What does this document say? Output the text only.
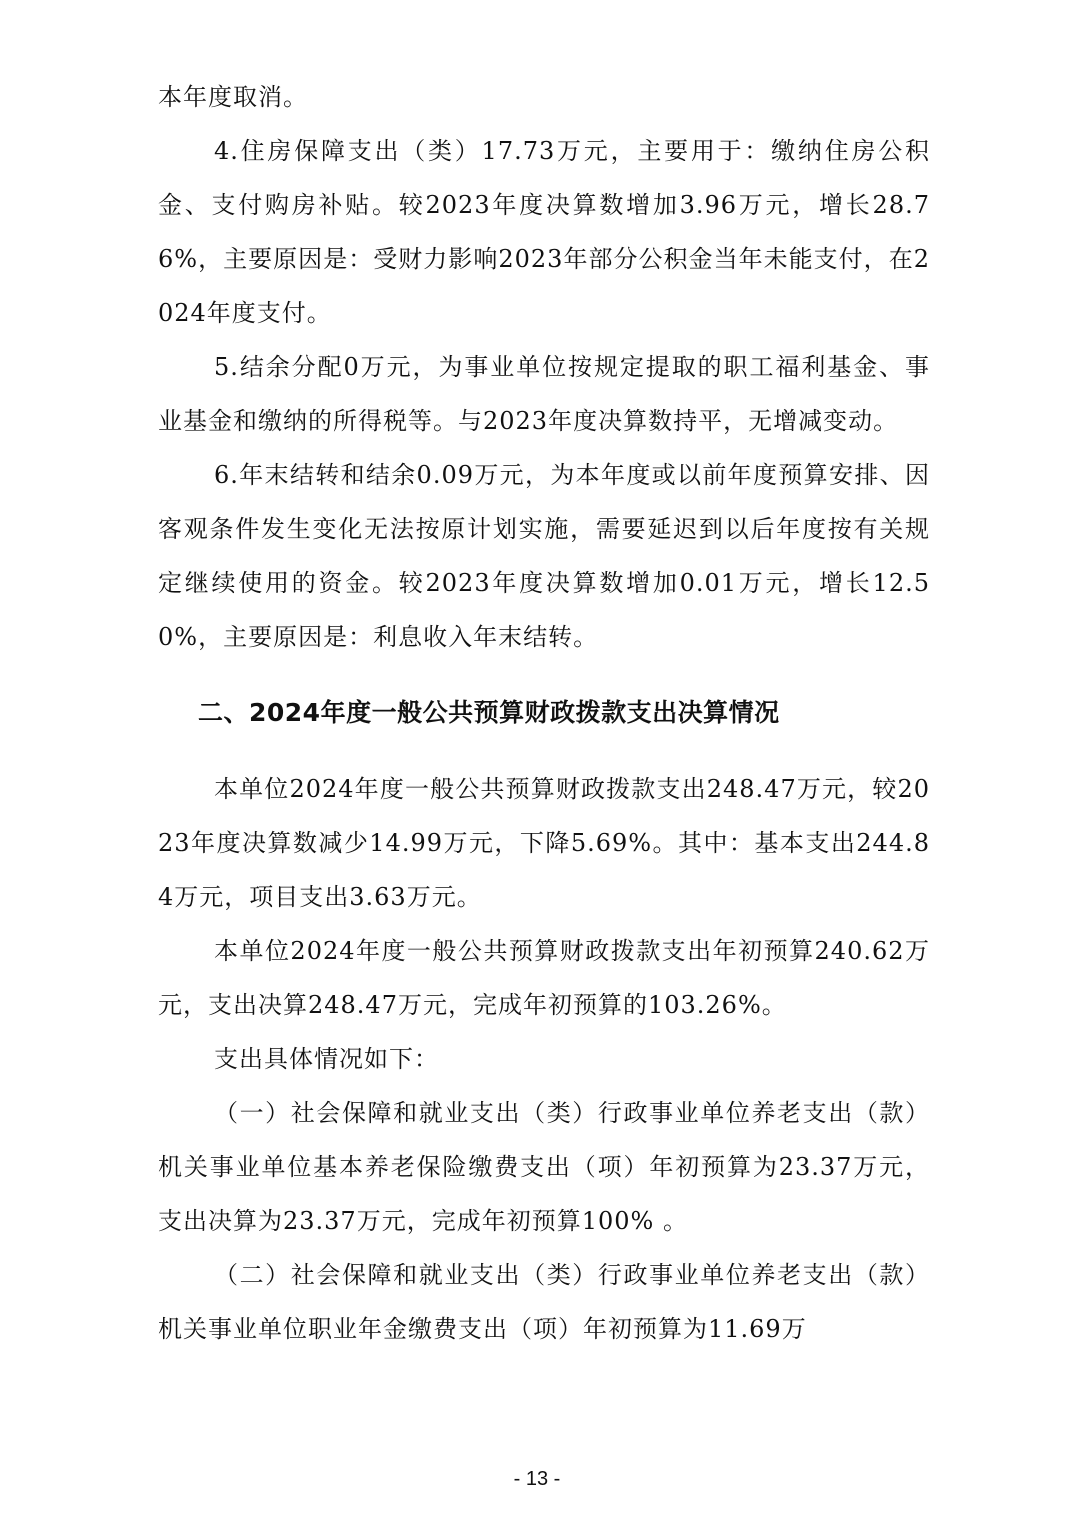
本年度取消。

4.住房保障支出（类）17.73万元，主要用于：缴纳住房公积金、支付购房补贴。较2023年度决算数增加3.96万元，增长28.76%，主要原因是：受财力影响2023年部分公积金当年未能支付，在2024年度支付。

5.结余分配0万元，为事业单位按规定提取的职工福利基金、事业基金和缴纳的所得税等。与2023年度决算数持平，无增减变动。

6.年末结转和结余0.09万元，为本年度或以前年度预算安排、因客观条件发生变化无法按原计划实施，需要延迟到以后年度按有关规定继续使用的资金。较2023年度决算数增加0.01万元，增长12.50%，主要原因是：利息收入年末结转。

二、2024年度一般公共预算财政拨款支出决算情况

本单位2024年度一般公共预算财政拨款支出248.47万元，较2023年度决算数减少14.99万元，下降5.69%。其中：基本支出244.84万元，项目支出3.63万元。

本单位2024年度一般公共预算财政拨款支出年初预算240.62万元，支出决算248.47万元，完成年初预算的103.26%。

支出具体情况如下：

（一）社会保障和就业支出（类）行政事业单位养老支出（款）机关事业单位基本养老保险缴费支出（项）年初预算为23.37万元，支出决算为23.37万元，完成年初预算100% 。

（二）社会保障和就业支出（类）行政事业单位养老支出（款）机关事业单位职业年金缴费支出（项）年初预算为11.69万

- 13 -
